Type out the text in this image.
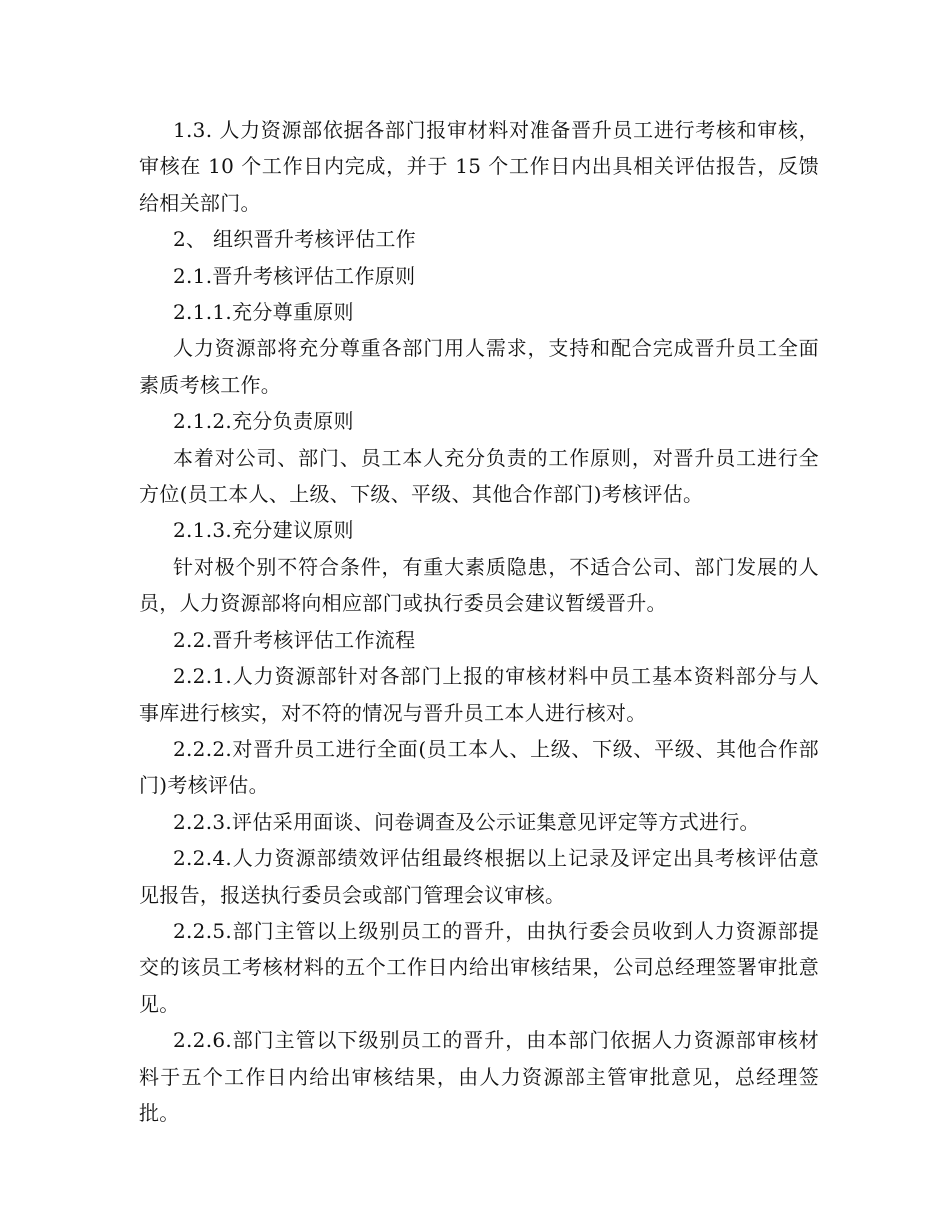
1.3. 人力资源部依据各部门报审材料对准备晋升员工进行考核和审核，审核在 10 个工作日内完成，并于 15 个工作日内出具相关评估报告，反馈给相关部门。

2、 组织晋升考核评估工作

2.1.晋升考核评估工作原则

2.1.1.充分尊重原则

人力资源部将充分尊重各部门用人需求，支持和配合完成晋升员工全面素质考核工作。

2.1.2.充分负责原则

本着对公司、部门、员工本人充分负责的工作原则，对晋升员工进行全方位(员工本人、上级、下级、平级、其他合作部门)考核评估。

2.1.3.充分建议原则

针对极个别不符合条件，有重大素质隐患，不适合公司、部门发展的人员，人力资源部将向相应部门或执行委员会建议暂缓晋升。

2.2.晋升考核评估工作流程

2.2.1.人力资源部针对各部门上报的审核材料中员工基本资料部分与人事库进行核实，对不符的情况与晋升员工本人进行核对。

2.2.2.对晋升员工进行全面(员工本人、上级、下级、平级、其他合作部门)考核评估。

2.2.3.评估采用面谈、问卷调查及公示证集意见评定等方式进行。

2.2.4.人力资源部绩效评估组最终根据以上记录及评定出具考核评估意见报告，报送执行委员会或部门管理会议审核。

2.2.5.部门主管以上级别员工的晋升，由执行委会员收到人力资源部提交的该员工考核材料的五个工作日内给出审核结果，公司总经理签署审批意见。

2.2.6.部门主管以下级别员工的晋升，由本部门依据人力资源部审核材料于五个工作日内给出审核结果，由人力资源部主管审批意见，总经理签批。
